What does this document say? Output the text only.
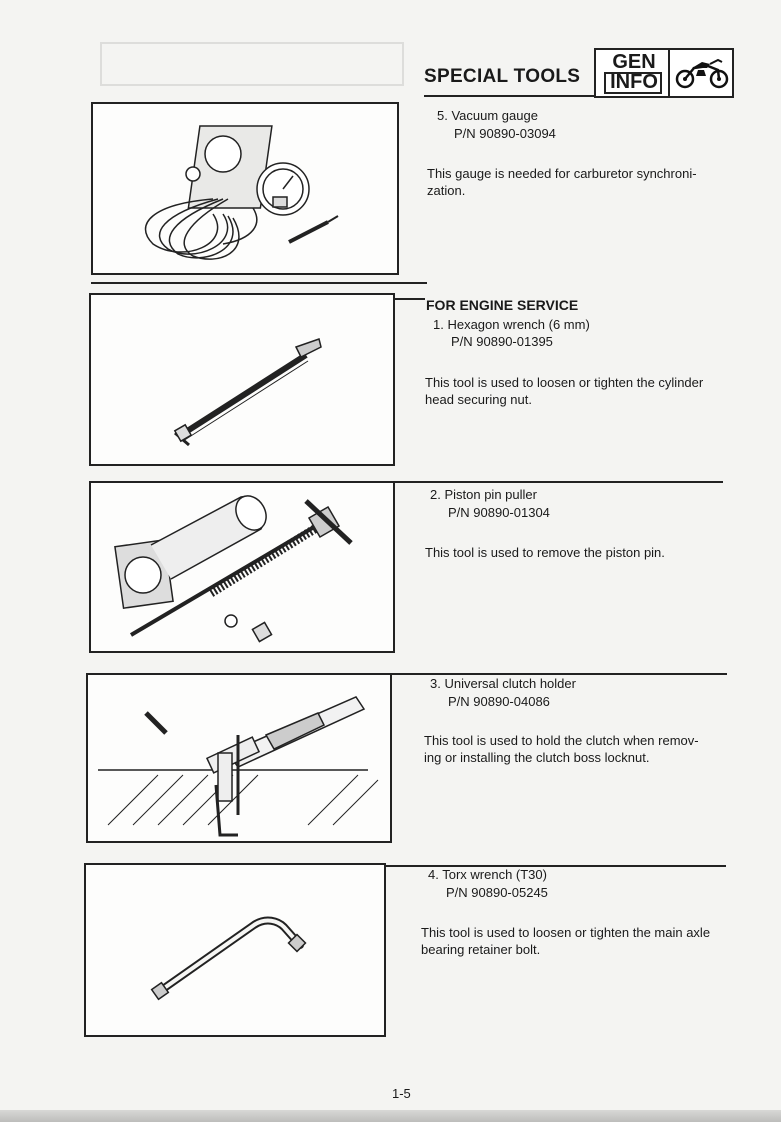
SPECIAL TOOLS
GEN
INFO
5. Vacuum gauge
P/N 90890-03094
This gauge is needed for carburetor synchroni-
zation.
FOR ENGINE SERVICE
1. Hexagon wrench (6 mm)
P/N 90890-01395
This tool is used to loosen or tighten the cylinder
head securing nut.
2. Piston pin puller
P/N 90890-01304
This tool is used to remove the piston pin.
3. Universal clutch holder
P/N 90890-04086
This tool is used to hold the clutch when remov-
ing or installing the clutch boss locknut.
4. Torx wrench (T30)
P/N 90890-05245
This tool is used to loosen or tighten the main axle
bearing retainer bolt.
1-5
